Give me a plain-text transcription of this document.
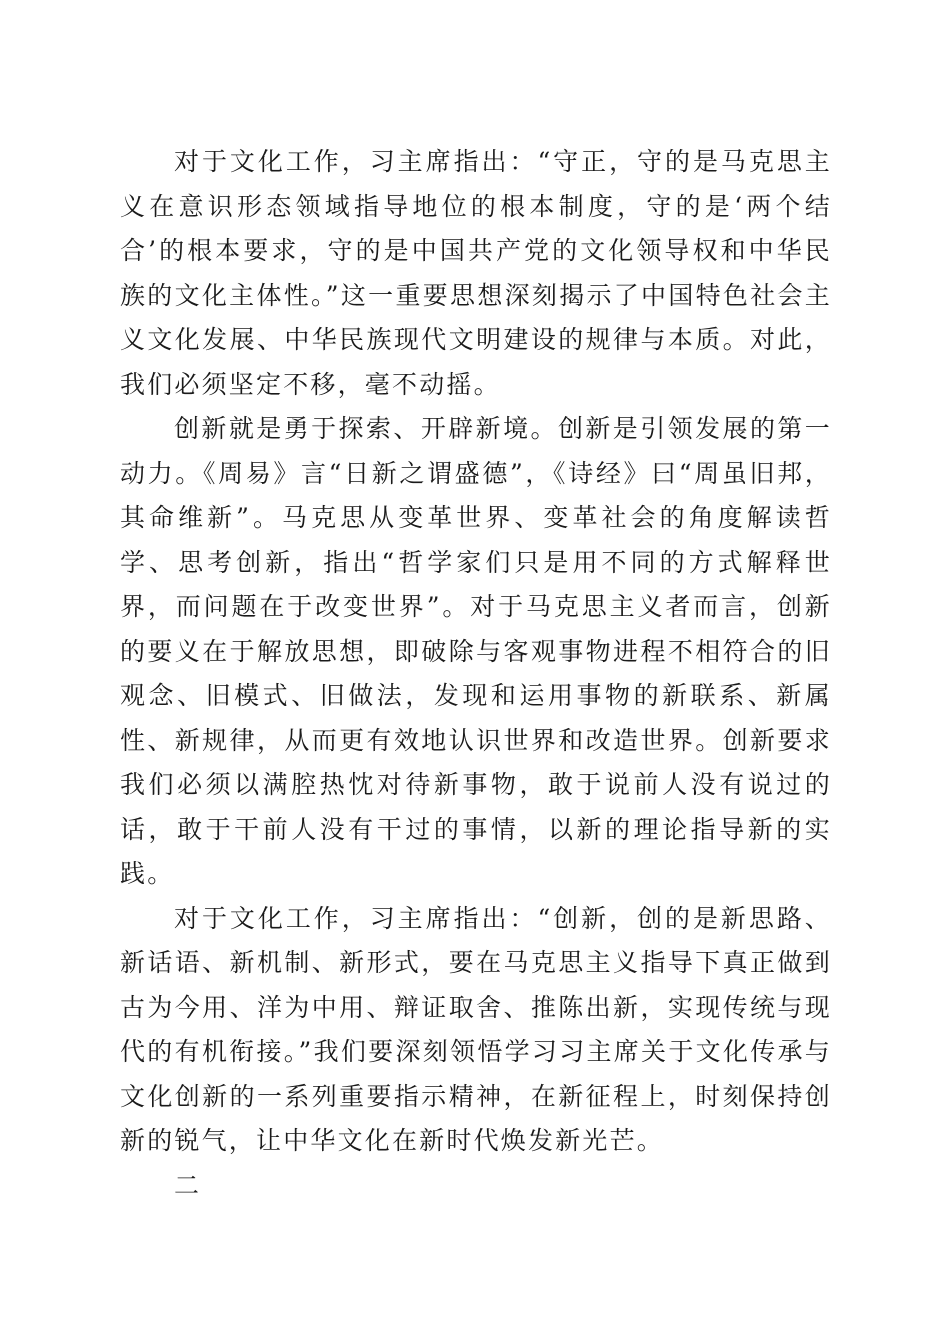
对于文化工作，习主席指出：“守正，守的是马克思主义在意识形态领域指导地位的根本制度，守的是‘两个结合’的根本要求，守的是中国共产党的文化领导权和中华民族的文化主体性。”这一重要思想深刻揭示了中国特色社会主义文化发展、中华民族现代文明建设的规律与本质。对此，我们必须坚定不移，毫不动摇。

创新就是勇于探索、开辟新境。创新是引领发展的第一动力。《周易》言“日新之谓盛德”，《诗经》曰“周虽旧邦，其命维新”。马克思从变革世界、变革社会的角度解读哲学、思考创新，指出“哲学家们只是用不同的方式解释世界，而问题在于改变世界”。对于马克思主义者而言，创新的要义在于解放思想，即破除与客观事物进程不相符合的旧观念、旧模式、旧做法，发现和运用事物的新联系、新属性、新规律，从而更有效地认识世界和改造世界。创新要求我们必须以满腔热忱对待新事物，敢于说前人没有说过的话，敢于干前人没有干过的事情，以新的理论指导新的实践。

对于文化工作，习主席指出：“创新，创的是新思路、新话语、新机制、新形式，要在马克思主义指导下真正做到古为今用、洋为中用、辩证取舍、推陈出新，实现传统与现代的有机衔接。”我们要深刻领悟学习习主席关于文化传承与文化创新的一系列重要指示精神，在新征程上，时刻保持创新的锐气，让中华文化在新时代焕发新光芒。

二
